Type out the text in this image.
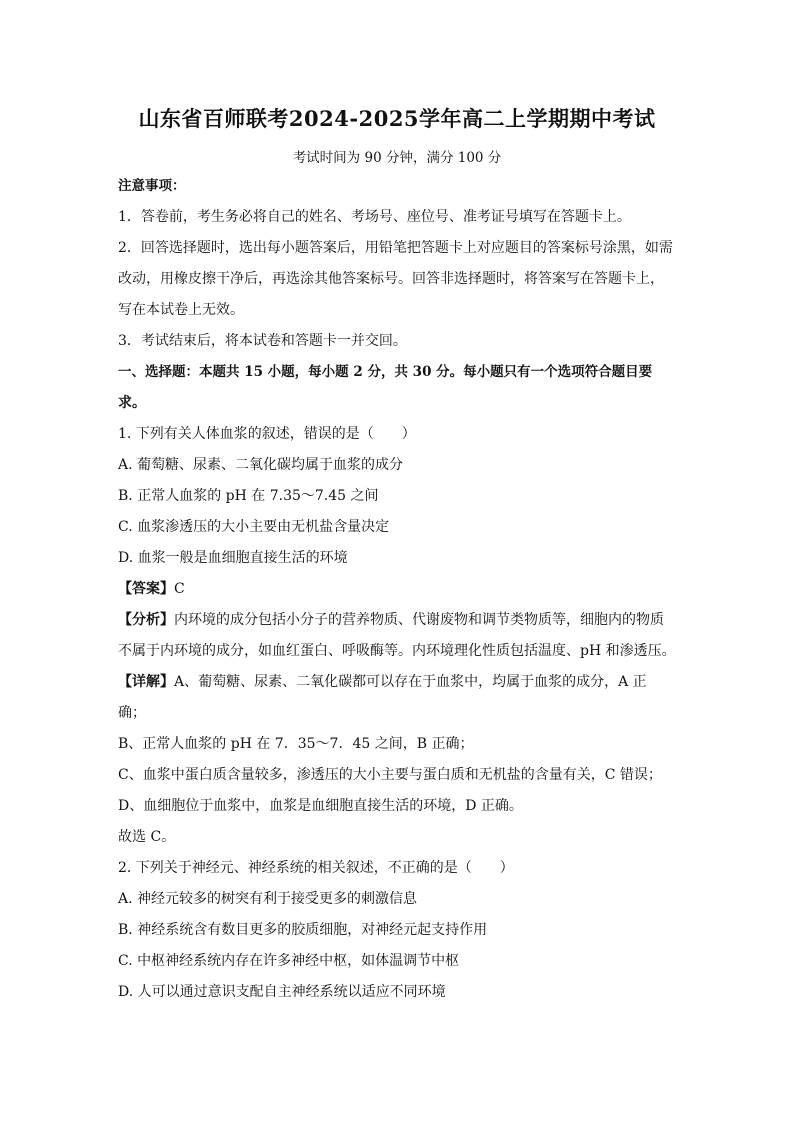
山东省百师联考2024-2025学年高二上学期期中考试
考试时间为 90 分钟，满分 100 分
注意事项：
1．答卷前，考生务必将自己的姓名、考场号、座位号、准考证号填写在答题卡上。
2．回答选择题时，选出每小题答案后，用铅笔把答题卡上对应题目的答案标号涂黑，如需
改动，用橡皮擦干净后，再选涂其他答案标号。回答非选择题时，将答案写在答题卡上，
写在本试卷上无效。
3．考试结束后，将本试卷和答题卡一并交回。
一、选择题：本题共 15 小题，每小题 2 分，共 30 分。每小题只有一个选项符合题目要
求。
1. 下列有关人体血浆的叙述，错误的是（　　）
A. 葡萄糖、尿素、二氧化碳均属于血浆的成分
B. 正常人血浆的 pH 在 7.35～7.45 之间
C. 血浆渗透压的大小主要由无机盐含量决定
D. 血浆一般是血细胞直接生活的环境
【答案】C
【分析】内环境的成分包括小分子的营养物质、代谢废物和调节类物质等，细胞内的物质
不属于内环境的成分，如血红蛋白、呼吸酶等。内环境理化性质包括温度、pH 和渗透压。
【详解】A、葡萄糖、尿素、二氧化碳都可以存在于血浆中，均属于血浆的成分，A 正
确；
B、正常人血浆的 pH 在 7．35～7．45 之间，B 正确；
C、血浆中蛋白质含量较多，渗透压的大小主要与蛋白质和无机盐的含量有关，C 错误；
D、血细胞位于血浆中，血浆是血细胞直接生活的环境，D 正确。
故选 C。
2. 下列关于神经元、神经系统的相关叙述，不正确的是（　　）
A. 神经元较多的树突有利于接受更多的刺激信息
B. 神经系统含有数目更多的胶质细胞，对神经元起支持作用
C. 中枢神经系统内存在许多神经中枢，如体温调节中枢
D. 人可以通过意识支配自主神经系统以适应不同环境
